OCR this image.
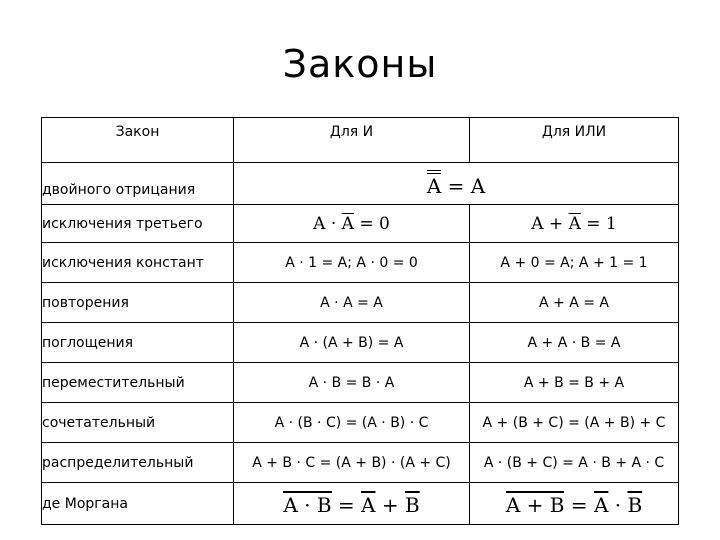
Законы
Закон	Для И	Для ИЛИ
двойного отрицания	A = A	
исключения третьего	$A \cdot \overline{A} = 0$	$A + \overline{A} = 1$
исключения констант	A · 1 = A; A · 0 = 0	A + 0 = A; A + 1 = 1
повторения	A · A = A	A + A = A
поглощения	A · (A + B) = A	A + A · B = A
переместительный	A · B = B · A	A + B = B + A
сочетательный	A · (B · C) = (A · B) · C	A + (B + C) = (A + B) + C
распределительный	A + B · C = (A + B) · (A + C)	A · (B + C) = A · B + A · C
де Моргана	$A \cdot B = \overline{A} + \overline{B}$	$A + B = \overline{A} \cdot \overline{B}$
